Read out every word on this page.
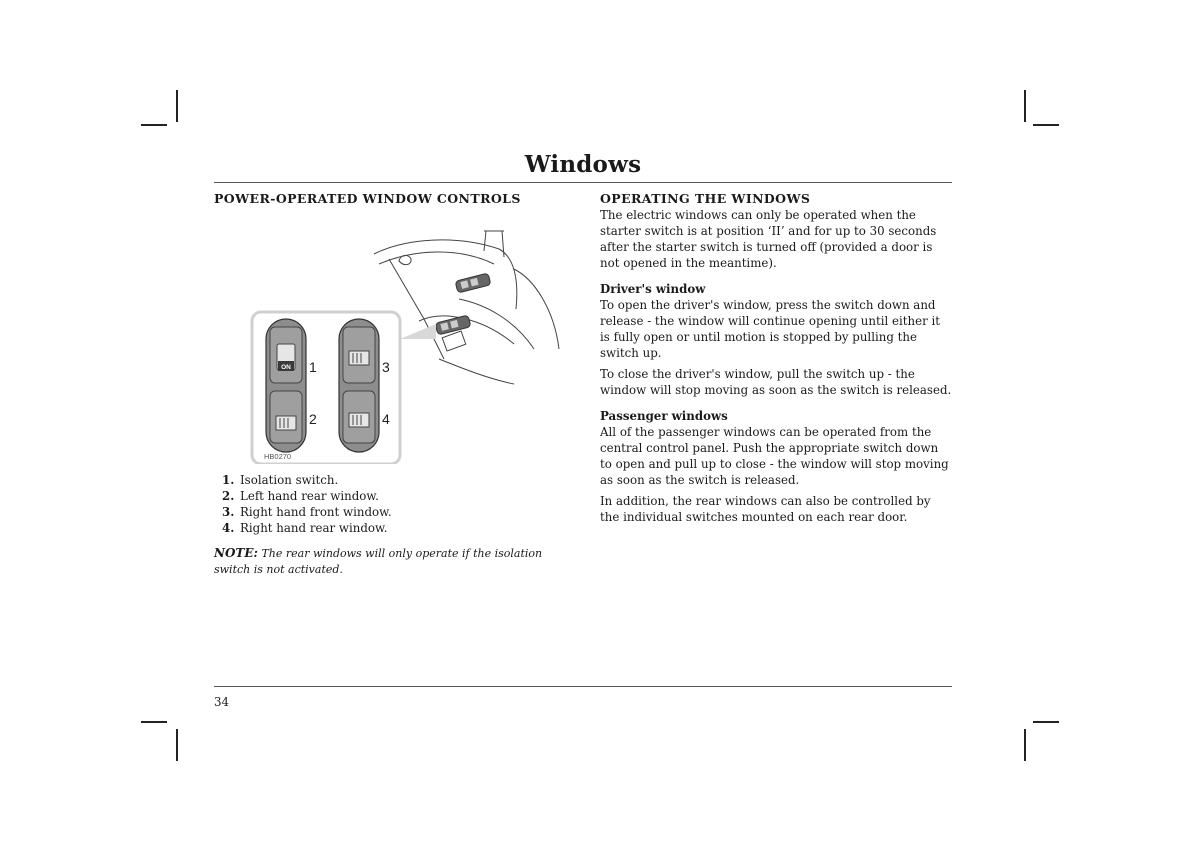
Windows
POWER-OPERATED WINDOW CONTROLS
ON 1
2
3
4
HB0270
1. Isolation switch.
2. Left hand rear window.
3. Right hand front window.
4. Right hand rear window.
NOTE: The rear windows will only operate if the isolation switch is not activated.
OPERATING THE WINDOWS

The electric windows can only be operated when the starter switch is at position ‘II’ and for up to 30 seconds after the starter switch is turned off (provided a door is not opened in the meantime).

Driver's window

To open the driver's window, press the switch down and release - the window will continue opening until either it is fully open or until motion is stopped by pulling the switch up.

To close the driver's window, pull the switch up - the window will stop moving as soon as the switch is released.

Passenger windows

All of the passenger windows can be operated from the central control panel. Push the appropriate switch down to open and pull up to close - the window will stop moving as soon as the switch is released.

In addition, the rear windows can also be controlled by the individual switches mounted on each rear door.

34
